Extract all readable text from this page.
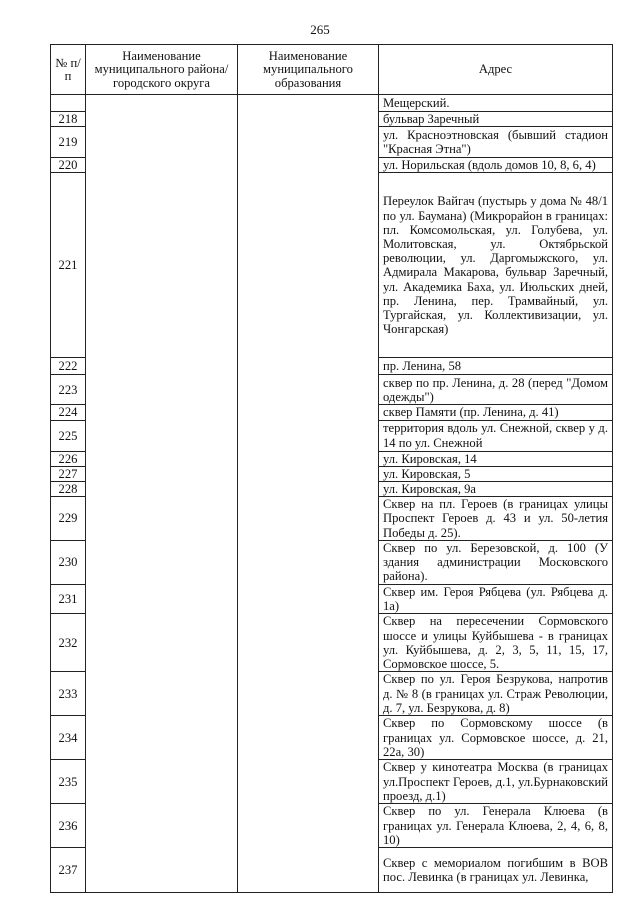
265
№ п/п	Наименование муниципального района/ городского округа	Наименование муниципального образования	Адрес
			Мещерский.
218			бульвар Заречный
219			ул. Красноэтновская (бывший стадион "Красная Этна")
220			ул. Норильская (вдоль домов 10, 8, 6, 4)
221			Переулок Вайгач (пустырь у дома № 48/1 по ул. Баумана) (Микрорайон в границах: пл. Комсомольская, ул. Голубева, ул. Молитовская, ул. Октябрьской революции, ул. Даргомыжского, ул. Адмирала Макарова, бульвар Заречный, ул. Академика Баха, ул. Июльских дней, пр. Ленина, пер. Трамвайный, ул. Тургайская, ул. Коллективизации, ул. Чонгарская)
222			пр. Ленина, 58
223			сквер по пр. Ленина, д. 28 (перед "Домом одежды")
224			сквер Памяти (пр. Ленина, д. 41)
225			территория вдоль ул. Снежной, сквер у д. 14 по ул. Снежной
226			ул. Кировская, 14
227			ул. Кировская, 5
228			ул. Кировская, 9а
229			Сквер на пл. Героев (в границах улицы Проспект Героев д. 43 и ул. 50-летия Победы д. 25).
230			Сквер по ул. Березовской, д. 100 (У здания администрации Московского района).
231			Сквер им. Героя Рябцева (ул. Рябцева д. 1а)
232			Сквер на пересечении Сормовского шоссе и улицы Куйбышева - в границах ул. Куйбышева, д. 2, 3, 5, 11, 15, 17, Сормовское шоссе, 5.
233			Сквер по ул. Героя Безрукова, напротив д. № 8 (в границах ул. Страж Революции, д. 7, ул. Безрукова, д. 8)
234			Сквер по Сормовскому шоссе (в границах ул. Сормовское шоссе, д. 21, 22а, 30)
235			Сквер у кинотеатра Москва (в границах ул.Проспект Героев, д.1, ул.Бурнаковский проезд, д.1)
236			Сквер по ул. Генерала Клюева (в границах ул. Генерала Клюева, 2, 4, 6, 8, 10)
237			Сквер с мемориалом погибшим в ВОВ пос. Левинка (в границах ул. Левинка,
